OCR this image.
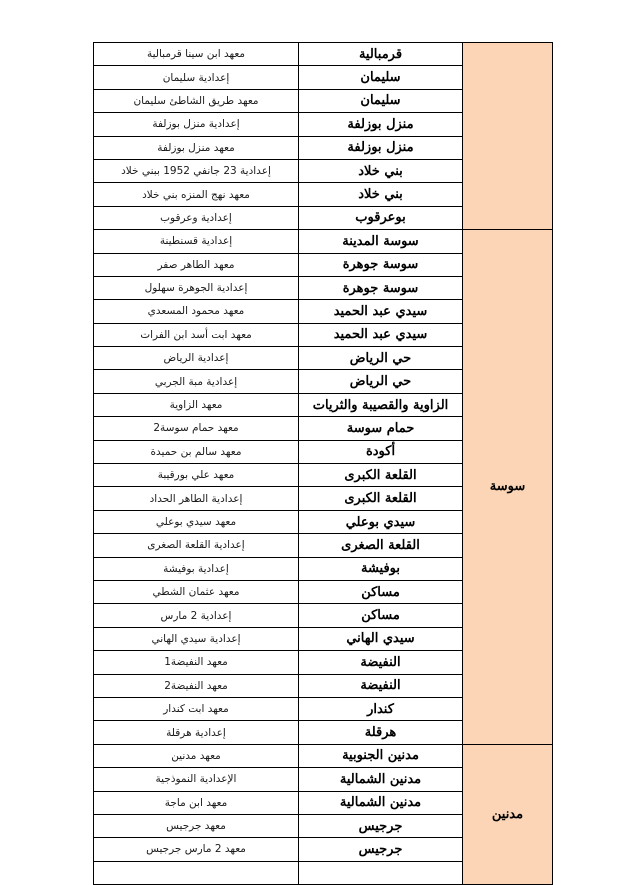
معهد ابن سينا قرمبالية	قرمبالية	
إعدادية سليمان	سليمان	
معهد طريق الشاطئ سليمان	سليمان	
إعدادية منزل بوزلفة	منزل بوزلفة	
معهد منزل بوزلفة	منزل بوزلفة	
إعدادية 23 جانفي 1952 ببني خلاد	بني خلاد	
معهد نهج المنزه بني خلاد	بني خلاد	
إعدادية وعرقوب	بوعرقوب	
إعدادية قسنطينة	سوسة المدينة	سوسة
معهد الطاهر صفر	سوسة جوهرة	
إعدادية الجوهرة سهلول	سوسة جوهرة	
معهد محمود المسعدي	سيدي عبد الحميد	
معهد ابت أسد ابن الفرات	سيدي عبد الحميد	
إعدادية الرياض	حي الرياض	
إعدادية مبة الجربي	حي الرياض	
معهد الزاوية	الزاوية والقصيبة والثريات	
معهد حمام سوسة2	حمام سوسة	
معهد سالم بن حميدة	أكودة	
معهد علي بورقيبة	القلعة الكبرى	
إعدادية الطاهر الحداد	القلعة الكبرى	
معهد سيدي بوعلي	سيدي بوعلي	
إعدادية القلعة الصغرى	القلعة الصغرى	
إعدادية بوفيشة	بوفيشة	
معهد عثمان الشطي	مساكن	
إعدادية 2 مارس	مساكن	
إعدادية سيدي الهاني	سيدي الهاني	
معهد النفيضة1	النفيضة	
معهد النفيضة2	النفيضة	
معهد ابت كندار	كندار	
إعدادية هرقلة	هرقلة	
معهد مدنين	مدنين الجنوبية	مدنين
الإعدادية النموذجية	مدنين الشمالية	
معهد ابن ماجة	مدنين الشمالية	
معهد جرجيس	جرجيس	
معهد 2 مارس جرجيس	جرجيس	
